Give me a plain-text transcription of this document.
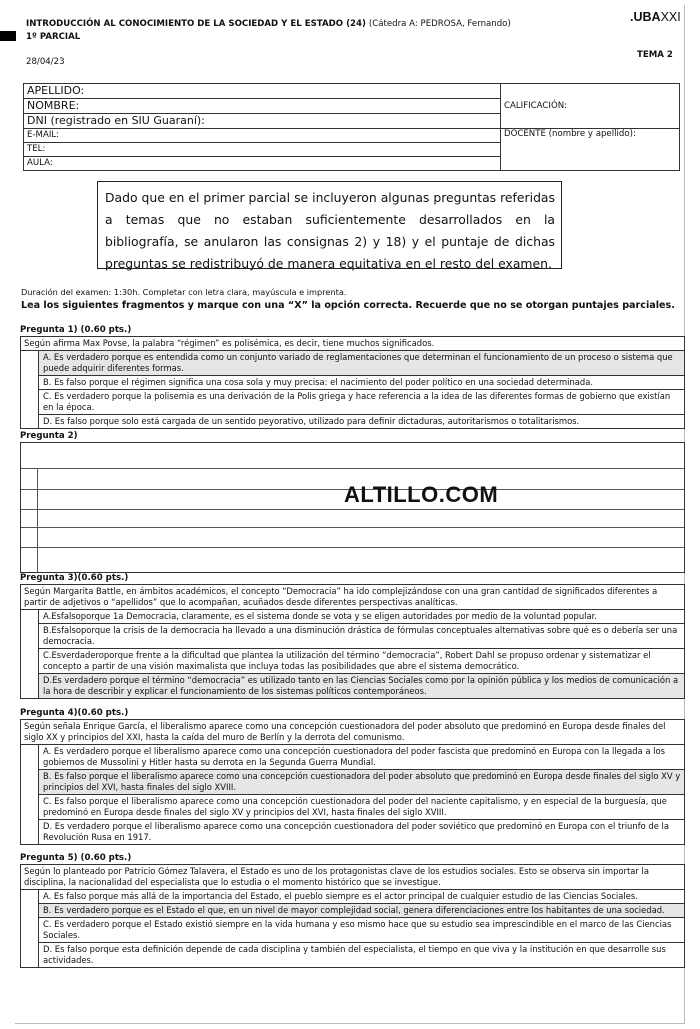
INTRODUCCIÓN AL CONOCIMIENTO DE LA SOCIEDAD Y EL ESTADO (24) (Cátedra A: PEDROSA, Fernando)
1º PARCIAL
28/04/23
.UBAXXI
TEMA 2
APELLIDO:	CALIFICACIÓN:
NOMBRE:	
DNI (registrado en SIU Guaraní):	
E-MAIL:	DOCENTE (nombre y apellido):
TEL:	
AULA:	
Dado que en el primer parcial se incluyeron algunas preguntas referidas a temas que no estaban suficientemente desarrollados en la bibliografía, se anularon las consignas 2) y 18) y el puntaje de dichas preguntas se redistribuyó de manera equitativa en el resto del examen.
Duración del examen: 1:30h. Completar con letra clara, mayúscula e imprenta.
Lea los siguientes fragmentos y marque con una “X” la opción correcta. Recuerde que no se otorgan puntajes parciales.
Pregunta 1) (0.60 pts.)
Según afirma Max Povse, la palabra “régimen” es polisémica, es decir, tiene muchos significados.
A. Es verdadero porque es entendida como un conjunto variado de reglamentaciones que determinan el funcionamiento de un proceso o sistema que puede adquirir diferentes formas.
B. Es falso porque el régimen significa una cosa sola y muy precisa: el nacimiento del poder político en una sociedad determinada.
C. Es verdadero porque la polisemia es una derivación de la Polis griega y hace referencia a la idea de las diferentes formas de gobierno que existían en la época.
D. Es falso porque solo está cargada de un sentido peyorativo, utilizado para definir dictaduras, autoritarismos o totalitarismos.
Pregunta 2)
ALTILLO.COM
Pregunta 3)(0.60 pts.)
Según Margarita Battle, en ámbitos académicos, el concepto “Democracia” ha ido complejizándose con una gran cantidad de significados diferentes a partir de adjetivos o “apellidos” que lo acompañan, acuñados desde diferentes perspectivas analíticas.
A.Esfalsoporque 1a Democracia, claramente, es el sistema donde se vota y se eligen autoridades por medio de la voluntad popular.
B.Esfalsoporque la crisis de la democracia ha llevado a una disminución drástica de fórmulas conceptuales alternativas sobre qué es o debería ser una democracia.
C.Esverdaderoporque frente a la dificultad que plantea la utilización del término “democracia”, Robert Dahl se propuso ordenar y sistematizar el concepto a partir de una visión maximalista que incluya todas las posibilidades que abre el sistema democrático.
D.Es verdadero porque el término “democracia” es utilizado tanto en las Ciencias Sociales como por la opinión pública y los medios de comunicación a la hora de describir y explicar el funcionamiento de los sistemas políticos contemporáneos.
Pregunta 4)(0.60 pts.)
Según señala Enrique García, el liberalismo aparece como una concepción cuestionadora del poder absoluto que predominó en Europa desde finales del siglo XX y principios del XXI, hasta la caída del muro de Berlín y la derrota del comunismo.
A. Es verdadero porque el liberalismo aparece como una concepción cuestionadora del poder fascista que predominó en Europa con la llegada a los gobiernos de Mussolini y Hitler hasta su derrota en la Segunda Guerra Mundial.
B. Es falso porque el liberalismo aparece como una concepción cuestionadora del poder absoluto que predominó en Europa desde finales del siglo XV y principios del XVI, hasta finales del siglo XVIII.
C. Es falso porque el liberalismo aparece como una concepción cuestionadora del poder del naciente capitalismo, y en especial de la burguesía, que predominó en Europa desde finales del siglo XV y principios del XVI, hasta finales del siglo XVIII.
D. Es verdadero porque el liberalismo aparece como una concepción cuestionadora del poder soviético que predominó en Europa con el triunfo de la Revolución Rusa en 1917.
Pregunta 5) (0.60 pts.)
Según lo planteado por Patricio Gómez Talavera, el Estado es uno de los protagonistas clave de los estudios sociales. Esto se observa sin importar la disciplina, la nacionalidad del especialista que lo estudia o el momento histórico que se investigue.
A. Es falso porque más allá de la importancia del Estado, el pueblo siempre es el actor principal de cualquier estudio de las Ciencias Sociales.
B. Es verdadero porque es el Estado el que, en un nivel de mayor complejidad social, genera diferenciaciones entre los habitantes de una sociedad.
C. Es verdadero porque el Estado existió siempre en la vida humana y eso mismo hace que su estudio sea imprescindible en el marco de las Ciencias Sociales.
D. Es falso porque esta definición depende de cada disciplina y también del especialista, el tiempo en que viva y la institución en que desarrolle sus actividades.
